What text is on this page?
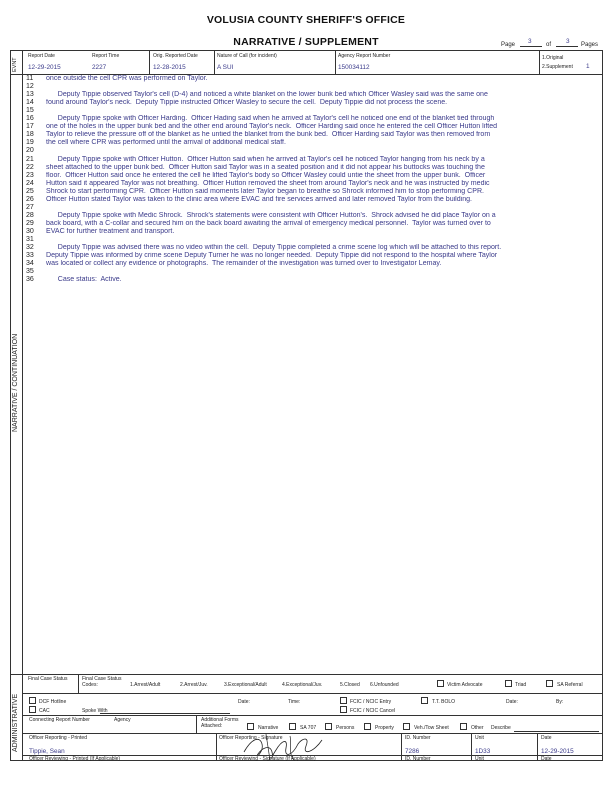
VOLUSIA COUNTY SHERIFF'S OFFICE
NARRATIVE / SUPPLEMENT	Page 3 of 3 Pages
EVNT
Report Date
12-29-2015
Report Time
2227
Orig. Reported Date
12-28-2015
Nature of Call (for incident)
A SUI
Agency Report Number
150034112
1.Original
2.Supplement 1
NARRATIVE / CONTINUATION
11 once outside the cell CPR was performed on Taylor.
12
13      Deputy Tippie observed Taylor's cell (D-4) and noticed a white blanket on the lower bunk bed which Officer Wasley said was the same one
14 found around Taylor's neck.  Deputy Tippie instructed Officer Wasley to secure the cell.  Deputy Tippie did not process the scene.
15
16      Deputy Tippie spoke with Officer Harding.  Officer Hading said when he arrived at Taylor's cell he noticed one end of the blanket tied through
17 one of the holes in the upper bunk bed and the other end around Taylor's neck.  Officer Harding said once he entered the cell Officer Hutton lifted
18 Taylor to relieve the pressure off of the blanket as he untied the blanket from the bunk bed.  Officer Harding said Taylor was then removed from
19 the cell where CPR was performed until the arrival of additional medical staff.
20
21      Deputy Tippie spoke with Officer Hutton.  Officer Hutton said when he arrived at Taylor's cell he noticed Taylor hanging from his neck by a
22 sheet attached to the upper bunk bed.  Officer Hutton said Taylor was in a seated position and it did not appear his buttocks was touching the
23 floor.  Officer Hutton said once he entered the cell he lifted Taylor's body so Officer Wasley could untie the sheet from the upper bunk.  Officer
24 Hutton said it appeared Taylor was not breathing.  Officer Hutton removed the sheet from around Taylor's neck and he was instructed by medic
25 Shrock to start performing CPR.  Officer Hutton said moments later Taylor began to breathe so Shrock informed him to stop performing CPR.
26 Officer Hutton stated Taylor was taken to the clinic area where EVAC and fire services arrived and later removed Taylor from the building.
27
28      Deputy Tippie spoke with Medic Shrock.  Shrock's statements were consistent with Officer Hutton's.  Shrock advised he did place Taylor on a
29 back board, with a C-collar and secured him on the back board awaiting the arrival of emergency medical personnel.  Taylor was turned over to
30 EVAC for further treatment and transport.
31
32      Deputy Tippie was advised there was no video within the cell.  Deputy Tippie completed a crime scene log which will be attached to this report.
33 Deputy Tippie was informed by crime scene Deputy Turner he was no longer needed.  Deputy Tippie did not respond to the hospital where Taylor
34 was located or collect any evidence or photographs.  The remainder of the investigation was turned over to Investigator Lemay.
35
36      Case status:  Active.
ADMINISTRATIVE
Final Case Status	Final Case Status Codes:	1.Arrest/Adult	2.Arrest/Juv.	3.Exceptional/Adult	4.Exceptional/Juv.	5.Closed 6.Unfounded	Victim Advocate	Triad	SA Referral
DCF Hotline
CAC	Spoke With
Date:	Time:	FCIC / NCIC Entry
FCIC / NCIC Cancel
T.T. BOLO	Date:	By:
Connecting Report Number	Agency	Additional Forms Attached:	Narrative	SA 707	Persons	Property	Veh./Tow Sheet	Other Describe
Officer Reporting - Printed
Tippie, Sean
Officer Reporting - Signature	ID. Number
7286
Unit
1D33
Date
12-29-2015
Officer Reviewing - Printed (If Applicable)	Officer Reviewing - Signature (If Applicable)	ID. Number	Unit	Date
